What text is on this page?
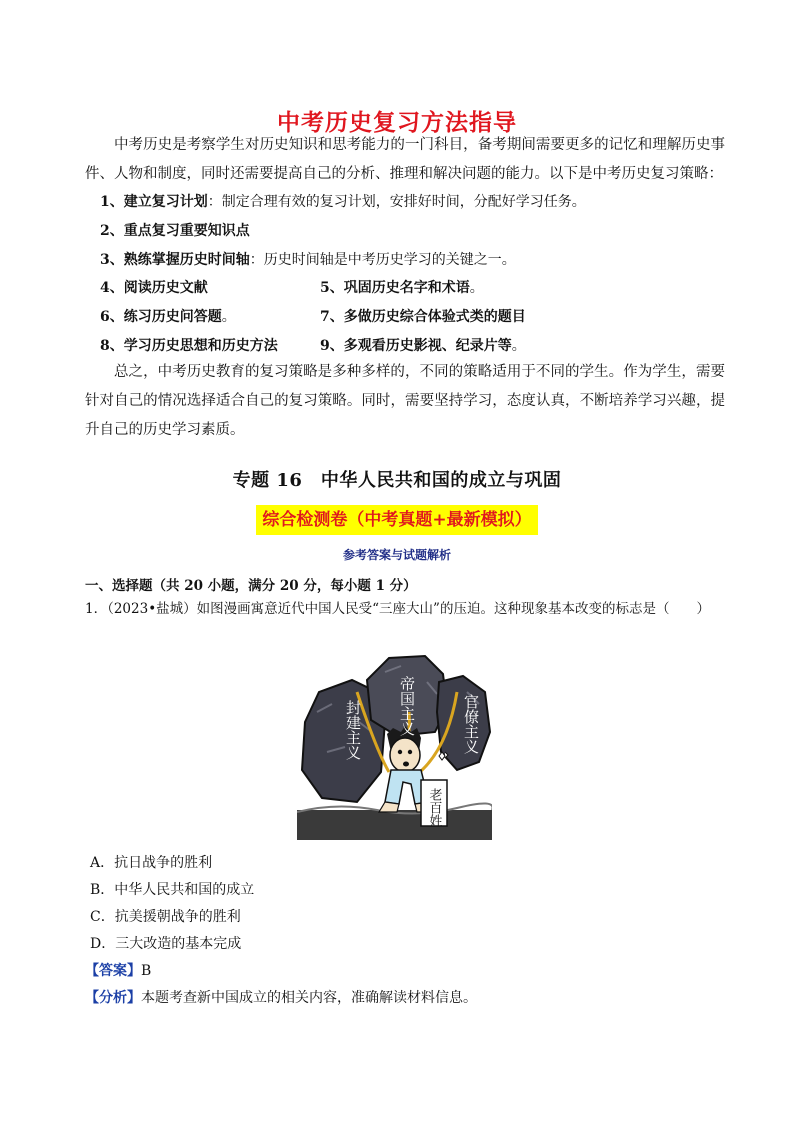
中考历史复习方法指导
中考历史是考察学生对历史知识和思考能力的一门科目，备考期间需要更多的记忆和理解历史事件、人物和制度，同时还需要提高自己的分析、推理和解决问题的能力。以下是中考历史复习策略：
1、建立复习计划：制定合理有效的复习计划，安排好时间，分配好学习任务。
2、重点复习重要知识点
3、熟练掌握历史时间轴：历史时间轴是中考历史学习的关键之一。
4、阅读历史文献	5、巩固历史名字和术语。
6、练习历史问答题。	7、多做历史综合体验式类的题目
8、学习历史思想和历史方法	9、多观看历史影视、纪录片等。
总之，中考历史教育的复习策略是多种多样的，不同的策略适用于不同的学生。作为学生，需要针对自己的情况选择适合自己的复习策略。同时，需要坚持学习，态度认真，不断培养学习兴趣，提升自己的历史学习素质。
专题 16　中华人民共和国的成立与巩固
综合检测卷（中考真题+最新模拟）
参考答案与试题解析
一、选择题（共 20 小题，满分 20 分，每小题 1 分）
1．（2023•盐城）如图漫画寓意近代中国人民受“三座大山”的压迫。这种现象基本改变的标志是（　　）
封建主义 帝国主义	官僚主义
老百姓
A．抗日战争的胜利
B．中华人民共和国的成立
C．抗美援朝战争的胜利
D．三大改造的基本完成
【答案】B
【分析】本题考查新中国成立的相关内容，准确解读材料信息。
